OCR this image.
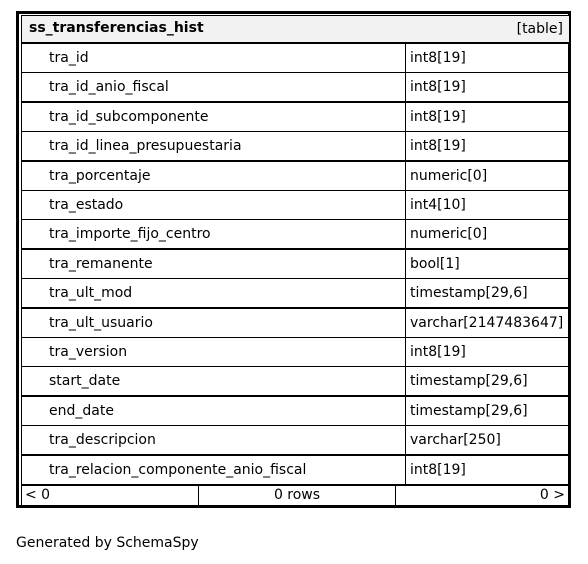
ss_transferencias_hist	[table]
tra_id	int8[19]
tra_id_anio_fiscal	int8[19]
tra_id_subcomponente	int8[19]
tra_id_linea_presupuestaria	int8[19]
tra_porcentaje	numeric[0]
tra_estado	int4[10]
tra_importe_fijo_centro	numeric[0]
tra_remanente	bool[1]
tra_ult_mod	timestamp[29,6]
tra_ult_usuario	varchar[2147483647]
tra_version	int8[19]
start_date	timestamp[29,6]
end_date	timestamp[29,6]
tra_descripcion	varchar[250]
tra_relacion_componente_anio_fiscal	int8[19]
< 0	0 rows	0 >
Generated by SchemaSpy
